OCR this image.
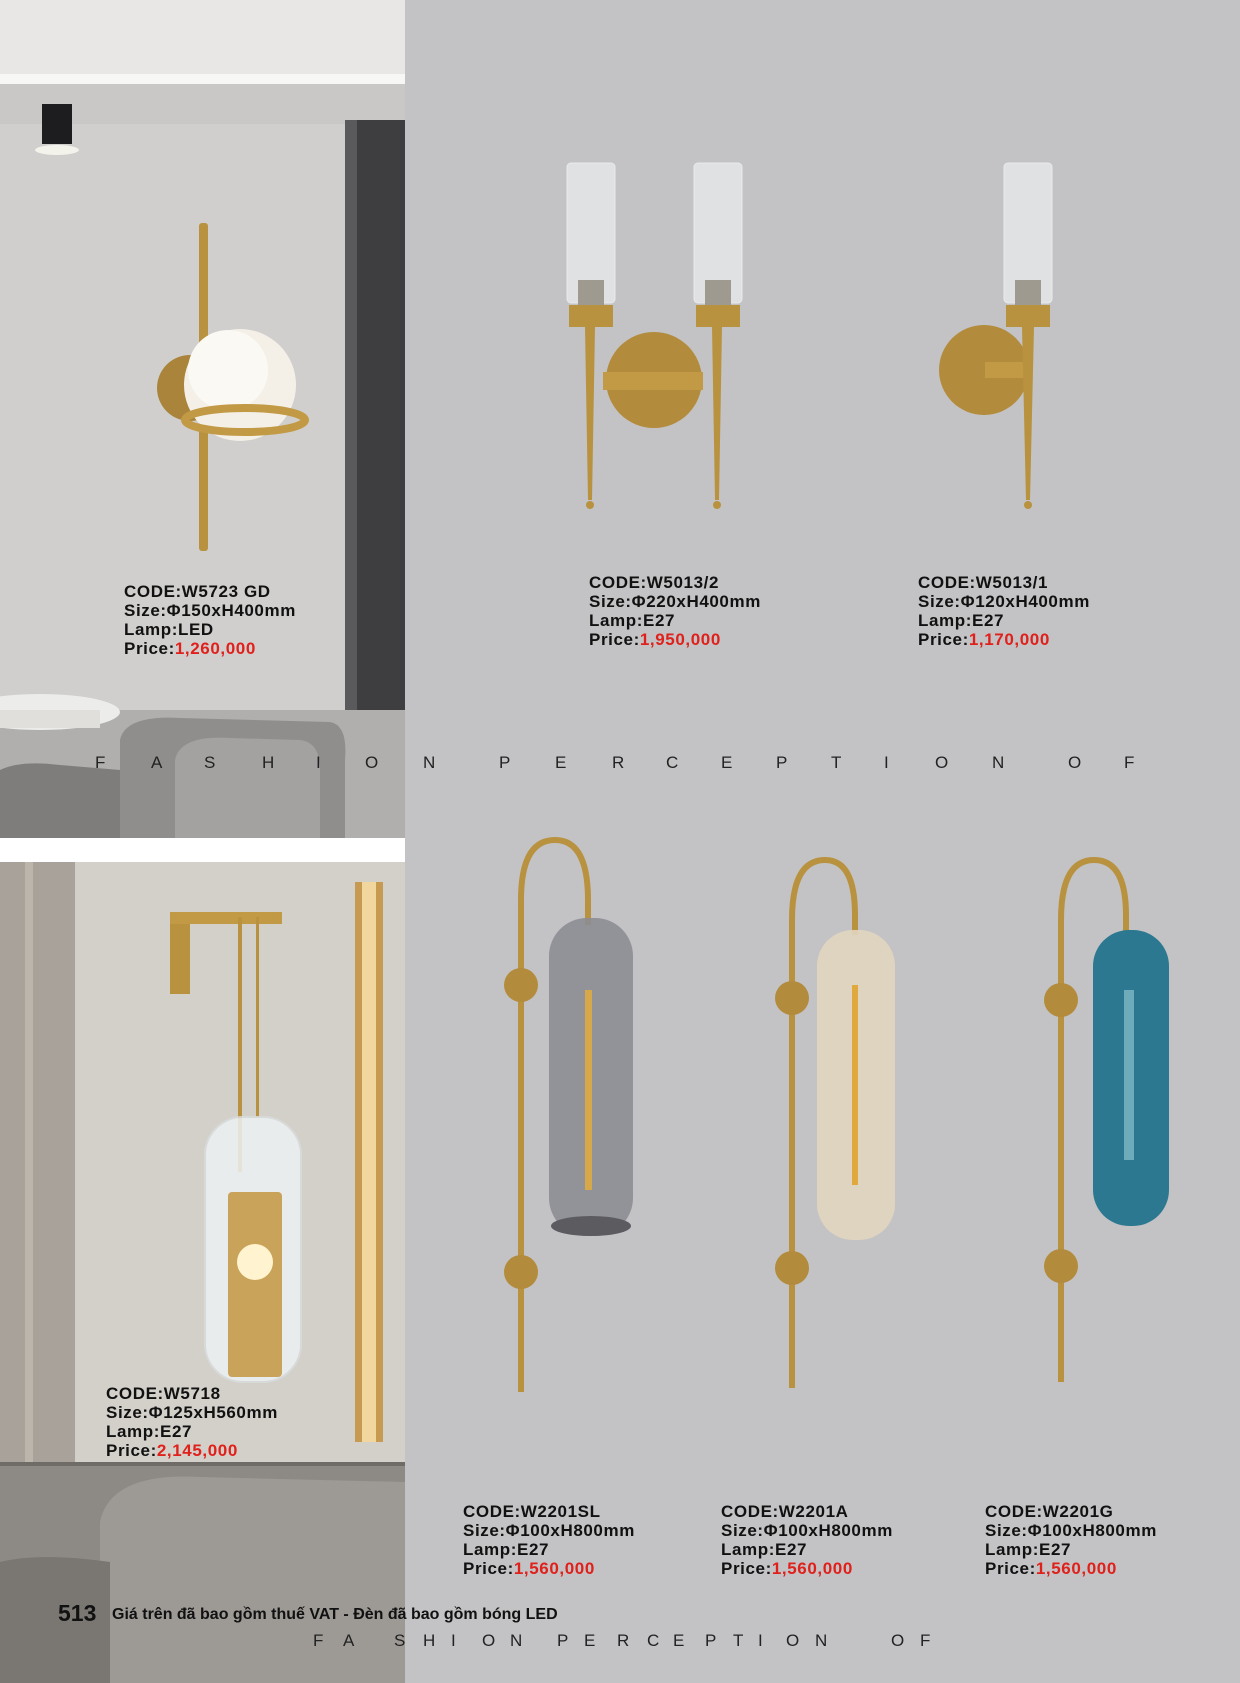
F	A S	H I	O	N	P	E	R C	E	P	T	I	O	N	O	F
F A S H I O N P E R C E P T I O N	O F
CODE:W5723 GD
Size:Φ150xH400mm
Lamp:LED
Price:1,260,000
CODE:W5013/2
Size:Φ220xH400mm
Lamp:E27
Price:1,950,000
CODE:W5013/1
Size:Φ120xH400mm
Lamp:E27
Price:1,170,000
CODE:W5718
Size:Φ125xH560mm
Lamp:E27
Price:2,145,000
CODE:W2201SL
Size:Φ100xH800mm
Lamp:E27
Price:1,560,000
CODE:W2201A
Size:Φ100xH800mm
Lamp:E27
Price:1,560,000
CODE:W2201G
Size:Φ100xH800mm
Lamp:E27
Price:1,560,000
513 Giá trên đã bao gồm thuế VAT - Đèn đã bao gồm bóng LED
